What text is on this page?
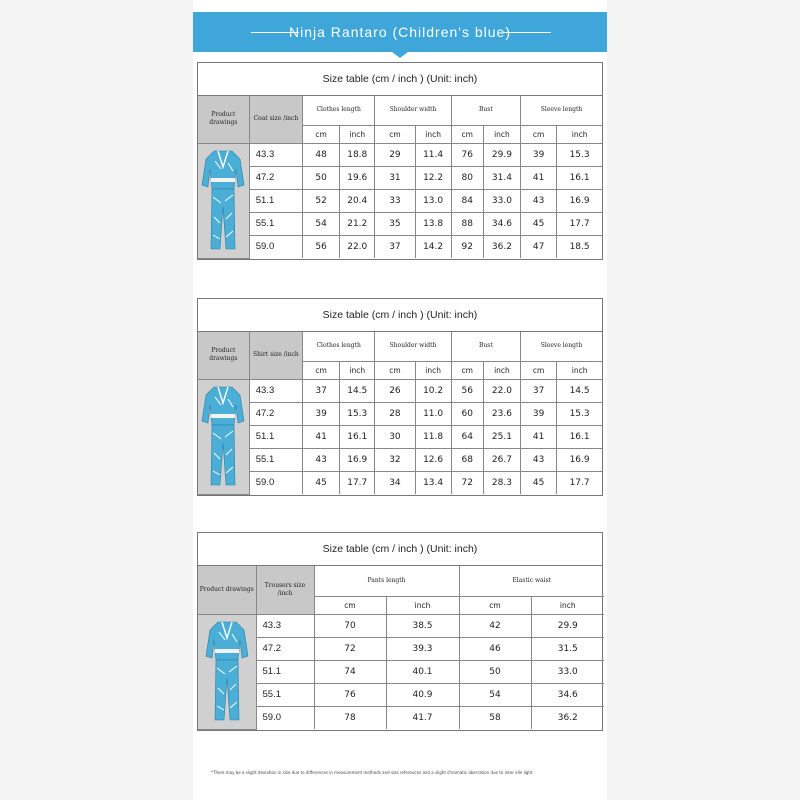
Ninja Rantaro (Children's blue)
Size table (cm / inch ) (Unit: inch)
Product drawings	Coat size /inch	Clothes length		Shoulder width		Bust		Sleeve length	
		cm	inch	cm	inch	cm	inch	cm	inch
	43.3	48	18.8	29	11.4	76	29.9	39	15.3
	47.2	50	19.6	31	12.2	80	31.4	41	16.1
	51.1	52	20.4	33	13.0	84	33.0	43	16.9
	55.1	54	21.2	35	13.8	88	34.6	45	17.7
	59.0	56	22.0	37	14.2	92	36.2	47	18.5
Size table (cm / inch ) (Unit: inch)
Product drawings	Shirt size /inch	Clothes length		Shoulder width		Bust		Sleeve length	
		cm	inch	cm	inch	cm	inch	cm	inch
	43.3	37	14.5	26	10.2	56	22.0	37	14.5
	47.2	39	15.3	28	11.0	60	23.6	39	15.3
	51.1	41	16.1	30	11.8	64	25.1	41	16.1
	55.1	43	16.9	32	12.6	68	26.7	43	16.9
	59.0	45	17.7	34	13.4	72	28.3	45	17.7
Size table (cm / inch ) (Unit: inch)
Product drawings	Trousers size /inch	Pants length		Elastic waist	
		cm	inch	cm	inch
	43.3	70	38.5	42	29.9
	47.2	72	39.3	46	31.5
	51.1	74	40.1	50	33.0
	55.1	76	40.9	54	34.6
	59.0	78	41.7	58	36.2
*There may be a slight deviation in size due to differences in measurement methods and size references and a slight chromatic aberration due to inter elle light
